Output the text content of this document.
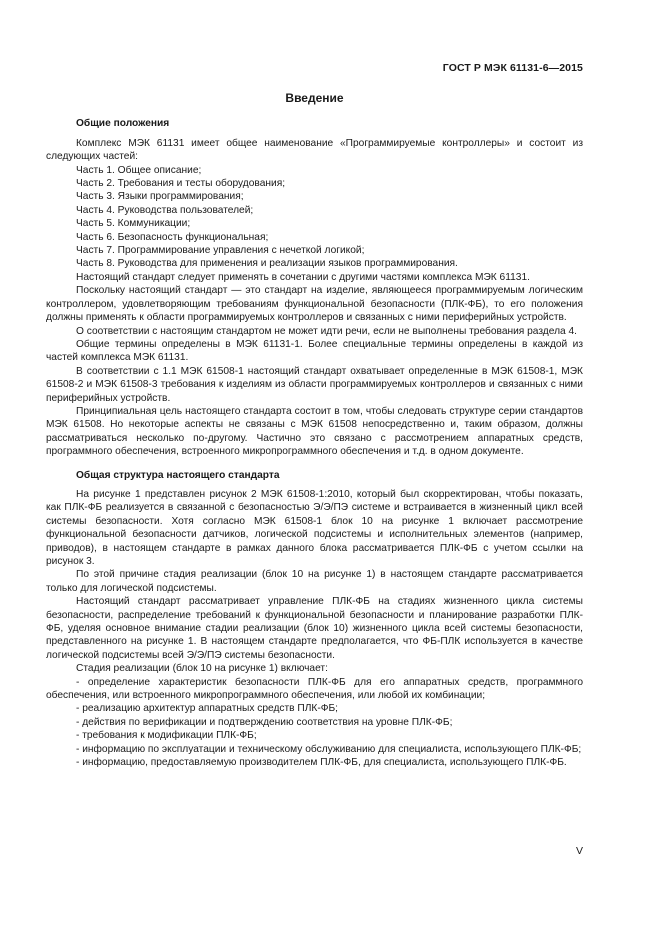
ГОСТ Р МЭК 61131-6—2015
Введение
Общие положения

Комплекс МЭК 61131 имеет общее наименование «Программируемые контроллеры» и состоит из следующих частей:

Часть 1. Общее описание;
Часть 2. Требования и тесты оборудования;
Часть 3. Языки программирования;
Часть 4. Руководства пользователей;
Часть 5. Коммуникации;
Часть 6. Безопасность функциональная;
Часть 7. Программирование управления с нечеткой логикой;
Часть 8. Руководства для применения и реализации языков программирования.

Настоящий стандарт следует применять в сочетании с другими частями комплекса МЭК 61131.

Поскольку настоящий стандарт — это стандарт на изделие, являющееся программируемым логическим контроллером, удовлетворяющим требованиям функциональной безопасности (ПЛК-ФБ), то его положения должны применять к области программируемых контроллеров и связанных с ними периферийных устройств.

О соответствии с настоящим стандартом не может идти речи, если не выполнены требования раздела 4.

Общие термины определены в МЭК 61131-1. Более специальные термины определены в каждой из частей комплекса МЭК 61131.

В соответствии с 1.1 МЭК 61508-1 настоящий стандарт охватывает определенные в МЭК 61508-1, МЭК 61508-2 и МЭК 61508-3 требования к изделиям из области программируемых контроллеров и связанных с ними периферийных устройств.

Принципиальная цель настоящего стандарта состоит в том, чтобы следовать структуре серии стандартов МЭК 61508. Но некоторые аспекты не связаны с МЭК 61508 непосредственно и, таким образом, должны рассматриваться несколько по-другому. Частично это связано с рассмотрением аппаратных средств, программного обеспечения, встроенного микропрограммного обеспечения и т.д. в одном документе.

Общая структура настоящего стандарта

На рисунке 1 представлен рисунок 2 МЭК 61508-1:2010, который был скорректирован, чтобы показать, как ПЛК-ФБ реализуется в связанной с безопасностью Э/Э/ПЭ системе и встраивается в жизненный цикл всей системы безопасности. Хотя согласно МЭК 61508-1 блок 10 на рисунке 1 включает рассмотрение функциональной безопасности датчиков, логической подсистемы и исполнительных элементов (например, приводов), в настоящем стандарте в рамках данного блока рассматривается ПЛК-ФБ с учетом ссылки на рисунок 3.

По этой причине стадия реализации (блок 10 на рисунке 1) в настоящем стандарте рассматривается только для логической подсистемы.

Настоящий стандарт рассматривает управление ПЛК-ФБ на стадиях жизненного цикла системы безопасности, распределение требований к функциональной безопасности и планирование разработки ПЛК-ФБ, уделяя основное внимание стадии реализации (блок 10) жизненного цикла всей системы безопасности, представленного на рисунке 1. В настоящем стандарте предполагается, что ФБ-ПЛК используется в качестве логической подсистемы всей Э/Э/ПЭ системы безопасности.

Стадия реализации (блок 10 на рисунке 1) включает:

- определение характеристик безопасности ПЛК-ФБ для его аппаратных средств, программного обеспечения, или встроенного микропрограммного обеспечения, или любой их комбинации;
- реализацию архитектур аппаратных средств ПЛК-ФБ;
- действия по верификации и подтверждению соответствия на уровне ПЛК-ФБ;
- требования к модификации ПЛК-ФБ;
- информацию по эксплуатации и техническому обслуживанию для специалиста, использующего ПЛК-ФБ;
- информацию, предоставляемую производителем ПЛК-ФБ, для специалиста, использующего ПЛК-ФБ.
V
